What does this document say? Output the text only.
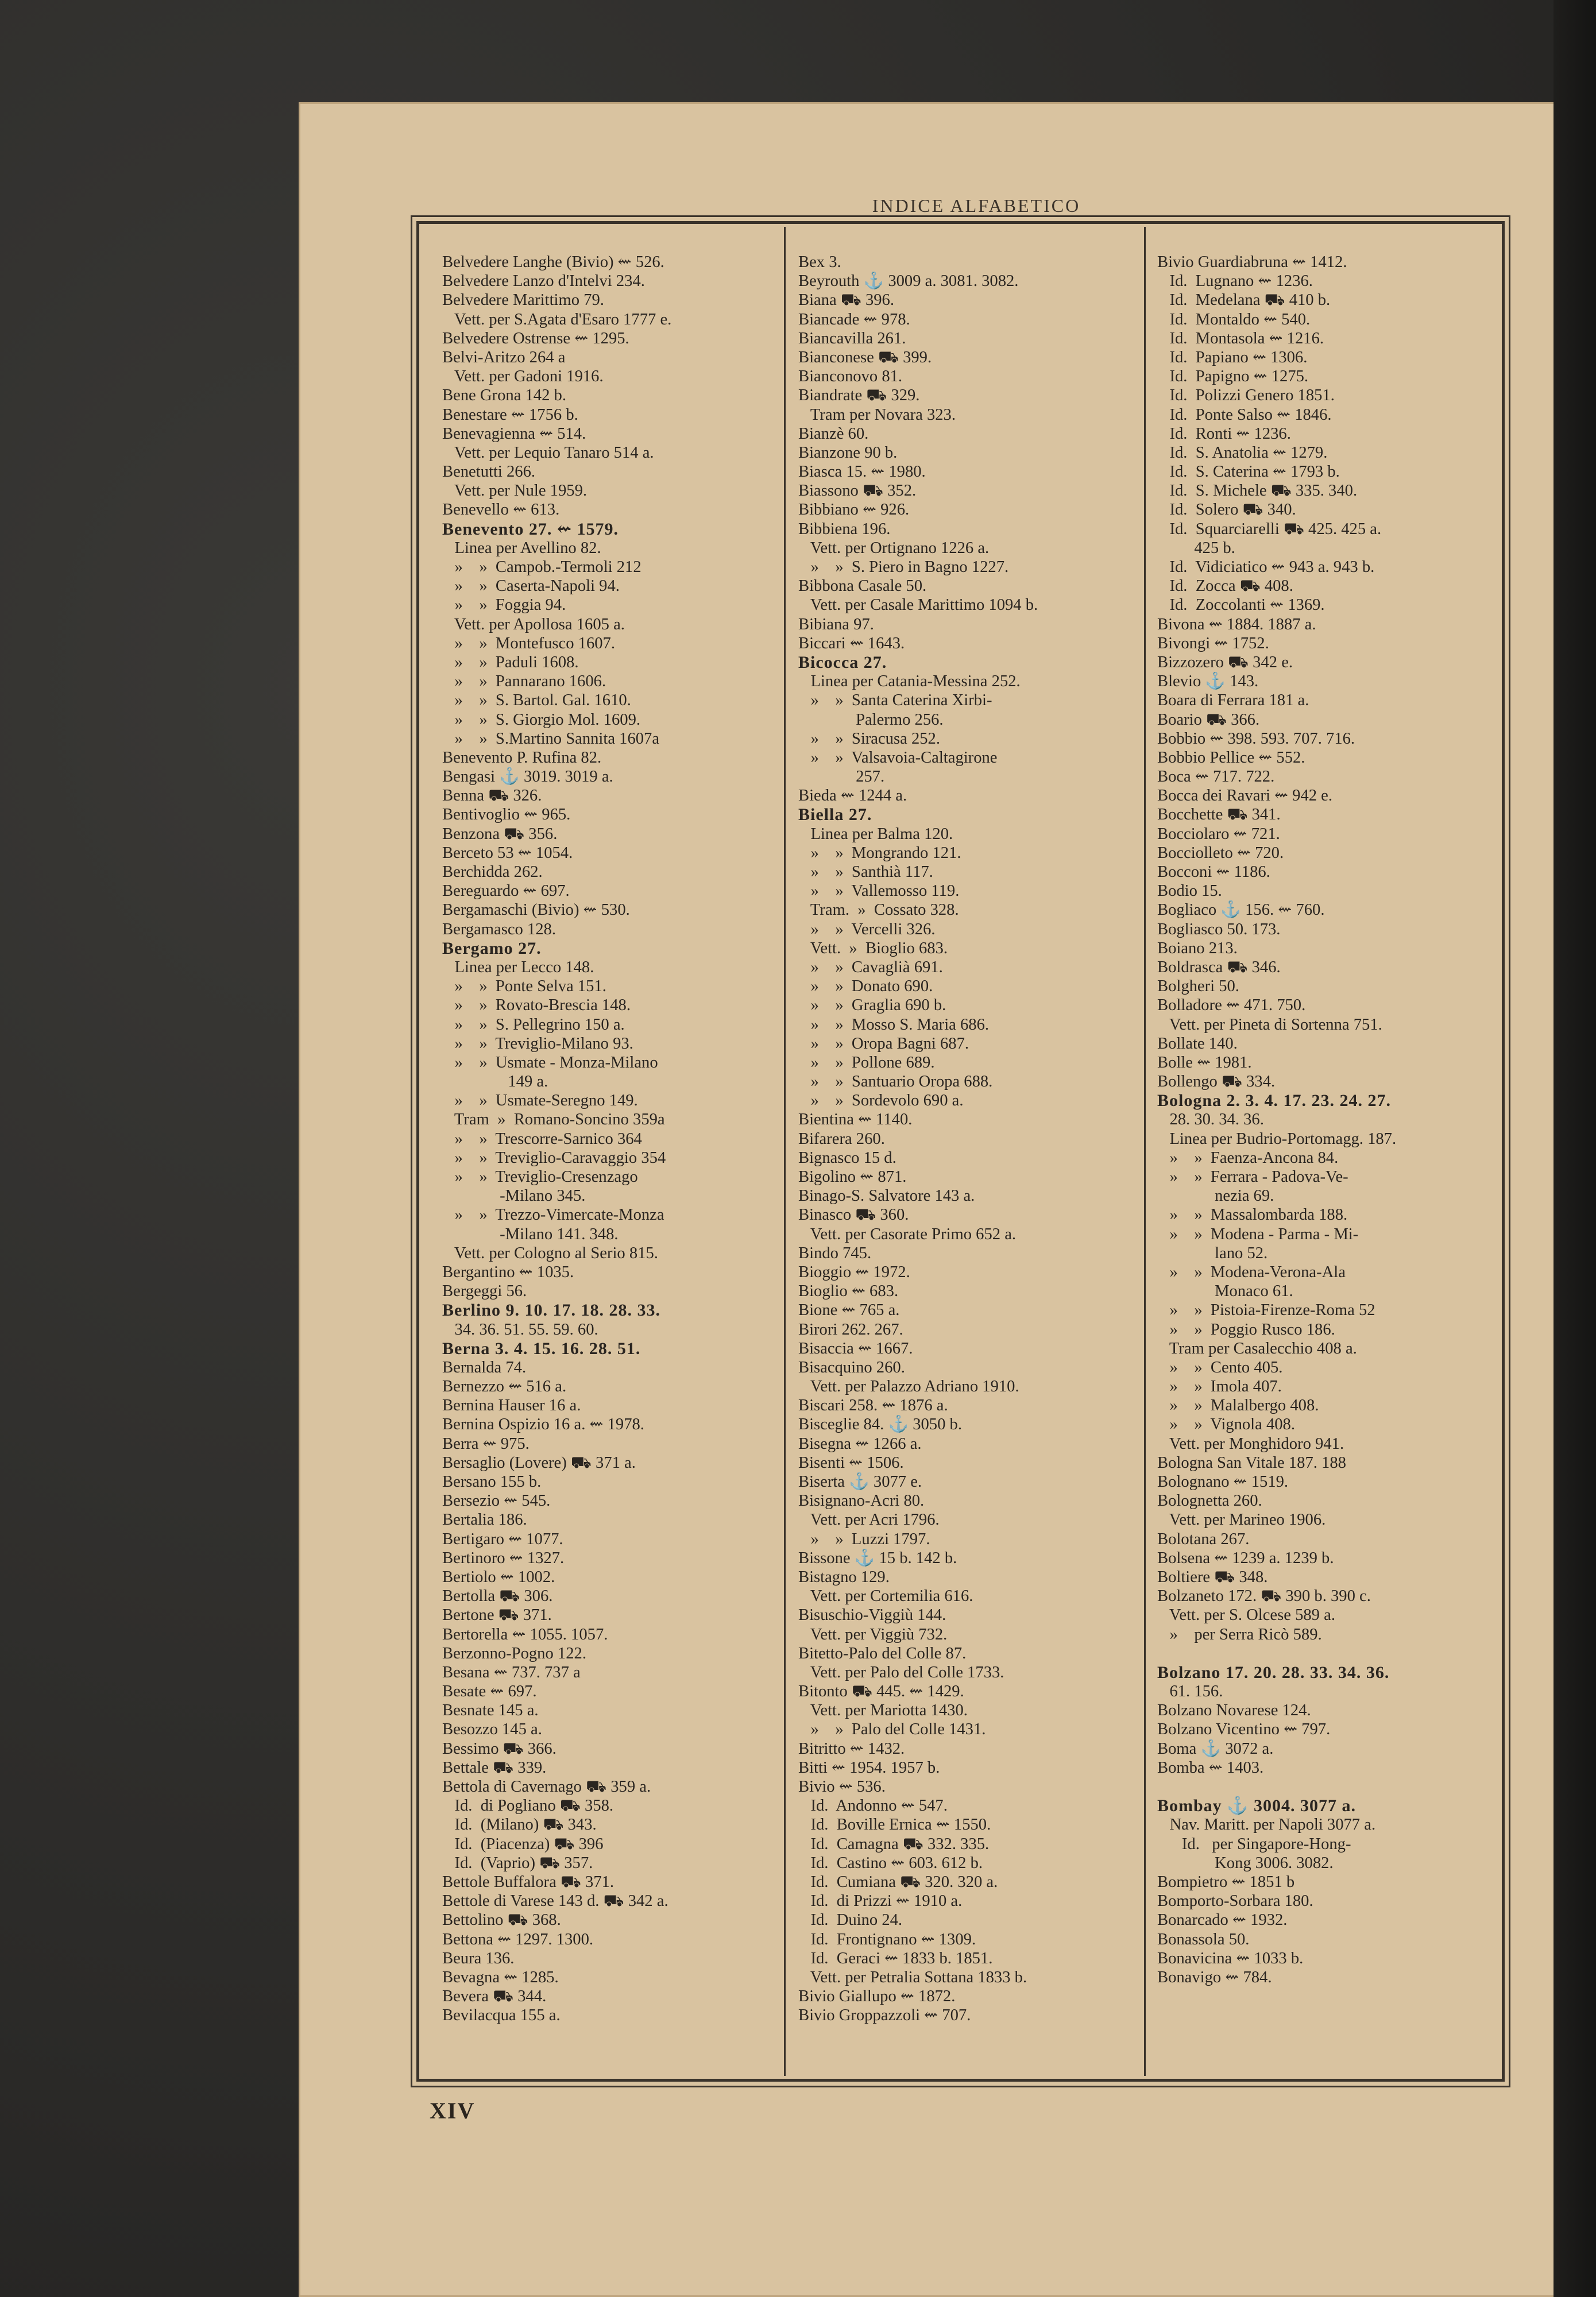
INDICE ALFABETICO
Belvedere Langhe (Bivio) ⇜ 526.
Belvedere Lanzo d'Intelvi 234.
Belvedere Marittimo 79.
Vett. per S.Agata d'Esaro 1777 e.
Belvedere Ostrense ⇜ 1295.
Belvi-Aritzo 264 a
Vett. per Gadoni 1916.
Bene Grona 142 b.
Benestare ⇜ 1756 b.
Benevagienna ⇜ 514.
Vett. per Lequio Tanaro 514 a.
Benetutti 266.
Vett. per Nule 1959.
Benevello ⇜ 613.
Benevento 27. ⇜ 1579.
Linea per Avellino 82.
»    »  Campob.-Termoli 212
»    »  Caserta-Napoli 94.
»    »  Foggia 94.
Vett. per Apollosa 1605 a.
»    »  Montefusco 1607.
»    »  Paduli 1608.
»    »  Pannarano 1606.
»    »  S. Bartol. Gal. 1610.
»    »  S. Giorgio Mol. 1609.
»    »  S.Martino Sannita 1607a
Benevento P. Rufina 82.
Bengasi ⚓ 3019. 3019 a.
Benna ⛟ 326.
Bentivoglio ⇜ 965.
Benzona ⛟ 356.
Berceto 53 ⇜ 1054.
Berchidda 262.
Bereguardo ⇜ 697.
Bergamaschi (Bivio) ⇜ 530.
Bergamasco 128.
Bergamo 27.
Linea per Lecco 148.
»    »  Ponte Selva 151.
»    »  Rovato-Brescia 148.
»    »  S. Pellegrino 150 a.
»    »  Treviglio-Milano 93.
»    »  Usmate - Monza-Milano
149 a.
»    »  Usmate-Seregno 149.
Tram  »  Romano-Soncino 359a
»    »  Trescorre-Sarnico 364
»    »  Treviglio-Caravaggio 354
»    »  Treviglio-Cresenzago
-Milano 345.
»    »  Trezzo-Vimercate-Monza
-Milano 141. 348.
Vett. per Cologno al Serio 815.
Bergantino ⇜ 1035.
Bergeggi 56.
Berlino 9. 10. 17. 18. 28. 33.
34. 36. 51. 55. 59. 60.
Berna 3. 4. 15. 16. 28. 51.
Bernalda 74.
Bernezzo ⇜ 516 a.
Bernina Hauser 16 a.
Bernina Ospizio 16 a. ⇜ 1978.
Berra ⇜ 975.
Bersaglio (Lovere) ⛟ 371 a.
Bersano 155 b.
Bersezio ⇜ 545.
Bertalia 186.
Bertigaro ⇜ 1077.
Bertinoro ⇜ 1327.
Bertiolo ⇜ 1002.
Bertolla ⛟ 306.
Bertone ⛟ 371.
Bertorella ⇜ 1055. 1057.
Berzonno-Pogno 122.
Besana ⇜ 737. 737 a
Besate ⇜ 697.
Besnate 145 a.
Besozzo 145 a.
Bessimo ⛟ 366.
Bettale ⛟ 339.
Bettola di Cavernago ⛟ 359 a.
Id.  di Pogliano ⛟ 358.
Id.  (Milano) ⛟ 343.
Id.  (Piacenza) ⛟ 396
Id.  (Vaprio) ⛟ 357.
Bettole Buffalora ⛟ 371.
Bettole di Varese 143 d. ⛟ 342 a.
Bettolino ⛟ 368.
Bettona ⇜ 1297. 1300.
Beura 136.
Bevagna ⇜ 1285.
Bevera ⛟ 344.
Bevilacqua 155 a.
Bex 3.
Beyrouth ⚓ 3009 a. 3081. 3082.
Biana ⛟ 396.
Biancade ⇜ 978.
Biancavilla 261.
Bianconese ⛟ 399.
Bianconovo 81.
Biandrate ⛟ 329.
Tram per Novara 323.
Bianzè 60.
Bianzone 90 b.
Biasca 15. ⇜ 1980.
Biassono ⛟ 352.
Bibbiano ⇜ 926.
Bibbiena 196.
Vett. per Ortignano 1226 a.
»    »  S. Piero in Bagno 1227.
Bibbona Casale 50.
Vett. per Casale Marittimo 1094 b.
Bibiana 97.
Biccari ⇜ 1643.
Bicocca 27.
Linea per Catania-Messina 252.
»    »  Santa Caterina Xirbi-
Palermo 256.
»    »  Siracusa 252.
»    »  Valsavoia-Caltagirone
257.
Bieda ⇜ 1244 a.
Biella 27.
Linea per Balma 120.
»    »  Mongrando 121.
»    »  Santhià 117.
»    »  Vallemosso 119.
Tram.  »  Cossato 328.
»    »  Vercelli 326.
Vett.  »  Bioglio 683.
»    »  Cavaglià 691.
»    »  Donato 690.
»    »  Graglia 690 b.
»    »  Mosso S. Maria 686.
»    »  Oropa Bagni 687.
»    »  Pollone 689.
»    »  Santuario Oropa 688.
»    »  Sordevolo 690 a.
Bientina ⇜ 1140.
Bifarera 260.
Bignasco 15 d.
Bigolino ⇜ 871.
Binago-S. Salvatore 143 a.
Binasco ⛟ 360.
Vett. per Casorate Primo 652 a.
Bindo 745.
Bioggio ⇜ 1972.
Bioglio ⇜ 683.
Bione ⇜ 765 a.
Birori 262. 267.
Bisaccia ⇜ 1667.
Bisacquino 260.
Vett. per Palazzo Adriano 1910.
Biscari 258. ⇜ 1876 a.
Bisceglie 84. ⚓ 3050 b.
Bisegna ⇜ 1266 a.
Bisenti ⇜ 1506.
Biserta ⚓ 3077 e.
Bisignano-Acri 80.
Vett. per Acri 1796.
»    »  Luzzi 1797.
Bissone ⚓ 15 b. 142 b.
Bistagno 129.
Vett. per Cortemilia 616.
Bisuschio-Viggiù 144.
Vett. per Viggiù 732.
Bitetto-Palo del Colle 87.
Vett. per Palo del Colle 1733.
Bitonto ⛟ 445. ⇜ 1429.
Vett. per Mariotta 1430.
»    »  Palo del Colle 1431.
Bitritto ⇜ 1432.
Bitti ⇜ 1954. 1957 b.
Bivio ⇜ 536.
Id.  Andonno ⇜ 547.
Id.  Boville Ernica ⇜ 1550.
Id.  Camagna ⛟ 332. 335.
Id.  Castino ⇜ 603. 612 b.
Id.  Cumiana ⛟ 320. 320 a.
Id.  di Prizzi ⇜ 1910 a.
Id.  Duino 24.
Id.  Frontignano ⇜ 1309.
Id.  Geraci ⇜ 1833 b. 1851.
Vett. per Petralia Sottana 1833 b.
Bivio Giallupo ⇜ 1872.
Bivio Groppazzoli ⇜ 707.
Bivio Guardiabruna ⇜ 1412.
Id.  Lugnano ⇜ 1236.
Id.  Medelana ⛟ 410 b.
Id.  Montaldo ⇜ 540.
Id.  Montasola ⇜ 1216.
Id.  Papiano ⇜ 1306.
Id.  Papigno ⇜ 1275.
Id.  Polizzi Genero 1851.
Id.  Ponte Salso ⇜ 1846.
Id.  Ronti ⇜ 1236.
Id.  S. Anatolia ⇜ 1279.
Id.  S. Caterina ⇜ 1793 b.
Id.  S. Michele ⛟ 335. 340.
Id.  Solero ⛟ 340.
Id.  Squarciarelli ⛟ 425. 425 a.
425 b.
Id.  Vidiciatico ⇜ 943 a. 943 b.
Id.  Zocca ⛟ 408.
Id.  Zoccolanti ⇜ 1369.
Bivona ⇜ 1884. 1887 a.
Bivongi ⇜ 1752.
Bizzozero ⛟ 342 e.
Blevio ⚓ 143.
Boara di Ferrara 181 a.
Boario ⛟ 366.
Bobbio ⇜ 398. 593. 707. 716.
Bobbio Pellice ⇜ 552.
Boca ⇜ 717. 722.
Bocca dei Ravari ⇜ 942 e.
Bocchette ⛟ 341.
Bocciolaro ⇜ 721.
Bocciolleto ⇜ 720.
Bocconi ⇜ 1186.
Bodio 15.
Bogliaco ⚓ 156. ⇜ 760.
Bogliasco 50. 173.
Boiano 213.
Boldrasca ⛟ 346.
Bolgheri 50.
Bolladore ⇜ 471. 750.
Vett. per Pineta di Sortenna 751.
Bollate 140.
Bolle ⇜ 1981.
Bollengo ⛟ 334.
Bologna 2. 3. 4. 17. 23. 24. 27.
28. 30. 34. 36.
Linea per Budrio-Portomagg. 187.
»    »  Faenza-Ancona 84.
»    »  Ferrara - Padova-Ve-
nezia 69.
»    »  Massalombarda 188.
»    »  Modena - Parma - Mi-
lano 52.
»    »  Modena-Verona-Ala
Monaco 61.
»    »  Pistoia-Firenze-Roma 52
»    »  Poggio Rusco 186.
Tram per Casalecchio 408 a.
»    »  Cento 405.
»    »  Imola 407.
»    »  Malalbergo 408.
»    »  Vignola 408.
Vett. per Monghidoro 941.
Bologna San Vitale 187. 188
Bolognano ⇜ 1519.
Bolognetta 260.
Vett. per Marineo 1906.
Bolotana 267.
Bolsena ⇜ 1239 a. 1239 b.
Boltiere ⛟ 348.
Bolzaneto 172. ⛟ 390 b. 390 c.
Vett. per S. Olcese 589 a.
»    per Serra Ricò 589.
Bolzano 17. 20. 28. 33. 34. 36.
61. 156.
Bolzano Novarese 124.
Bolzano Vicentino ⇜ 797.
Boma ⚓ 3072 a.
Bomba ⇜ 1403.
Bombay ⚓ 3004. 3077 a.
Nav. Maritt. per Napoli 3077 a.
Id.   per Singapore-Hong-
Kong 3006. 3082.
Bompietro ⇜ 1851 b
Bomporto-Sorbara 180.
Bonarcado ⇜ 1932.
Bonassola 50.
Bonavicina ⇜ 1033 b.
Bonavigo ⇜ 784.
XIV
